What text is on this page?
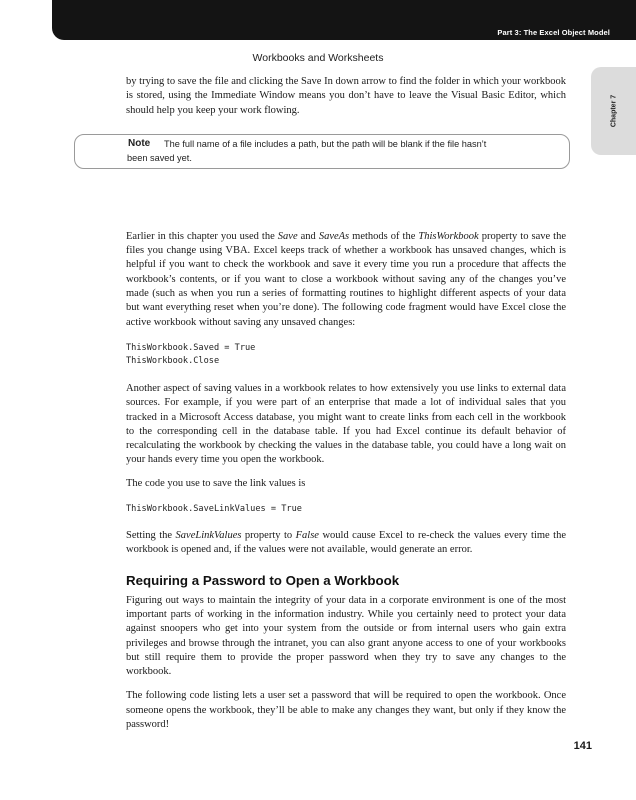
Part 3: The Excel Object Model
Workbooks and Worksheets
Chapter 7
Note	The full name of a file includes a path, but the path will be blank if the file hasn’t
been saved yet.

by trying to save the file and clicking the Save In down arrow to find the folder in which your workbook is stored, using the Immediate Window means you don’t have to leave the Visual Basic Editor, which should help you keep your work flowing.

Earlier in this chapter you used the Save and SaveAs methods of the ThisWorkbook property to save the files you change using VBA. Excel keeps track of whether a workbook has unsaved changes, which is helpful if you want to check the workbook and save it every time you run a procedure that affects the workbook’s contents, or if you want to close a workbook without saving any of the changes you’ve made (such as when you run a series of formatting routines to highlight different aspects of your data but want everything reset when you’re done). The following code fragment would have Excel close the active workbook without saving any unsaved changes:

ThisWorkbook.Saved = True
ThisWorkbook.Close

Another aspect of saving values in a workbook relates to how extensively you use links to external data sources. For example, if you were part of an enterprise that made a lot of individual sales that you tracked in a Microsoft Access database, you might want to create links from each cell in the workbook to the corresponding cell in the database table. If you had Excel continue its default behavior of recalculating the workbook by checking the values in the database table, you could have a long wait on your hands every time you open the workbook.

The code you use to save the link values is

ThisWorkbook.SaveLinkValues = True

Setting the SaveLinkValues property to False would cause Excel to re-check the values every time the workbook is opened and, if the values were not available, would generate an error.

Requiring a Password to Open a Workbook

Figuring out ways to maintain the integrity of your data in a corporate environment is one of the most important parts of working in the information industry. While you certainly need to protect your data against snoopers who get into your system from the outside or from internal users who gain extra privileges and browse through the intranet, you can also grant anyone access to one of your workbooks but still require them to provide the proper password when they try to save any changes to the workbook.

The following code listing lets a user set a password that will be required to open the workbook. Once someone opens the workbook, they’ll be able to make any changes they want, but only if they know the password!

141
